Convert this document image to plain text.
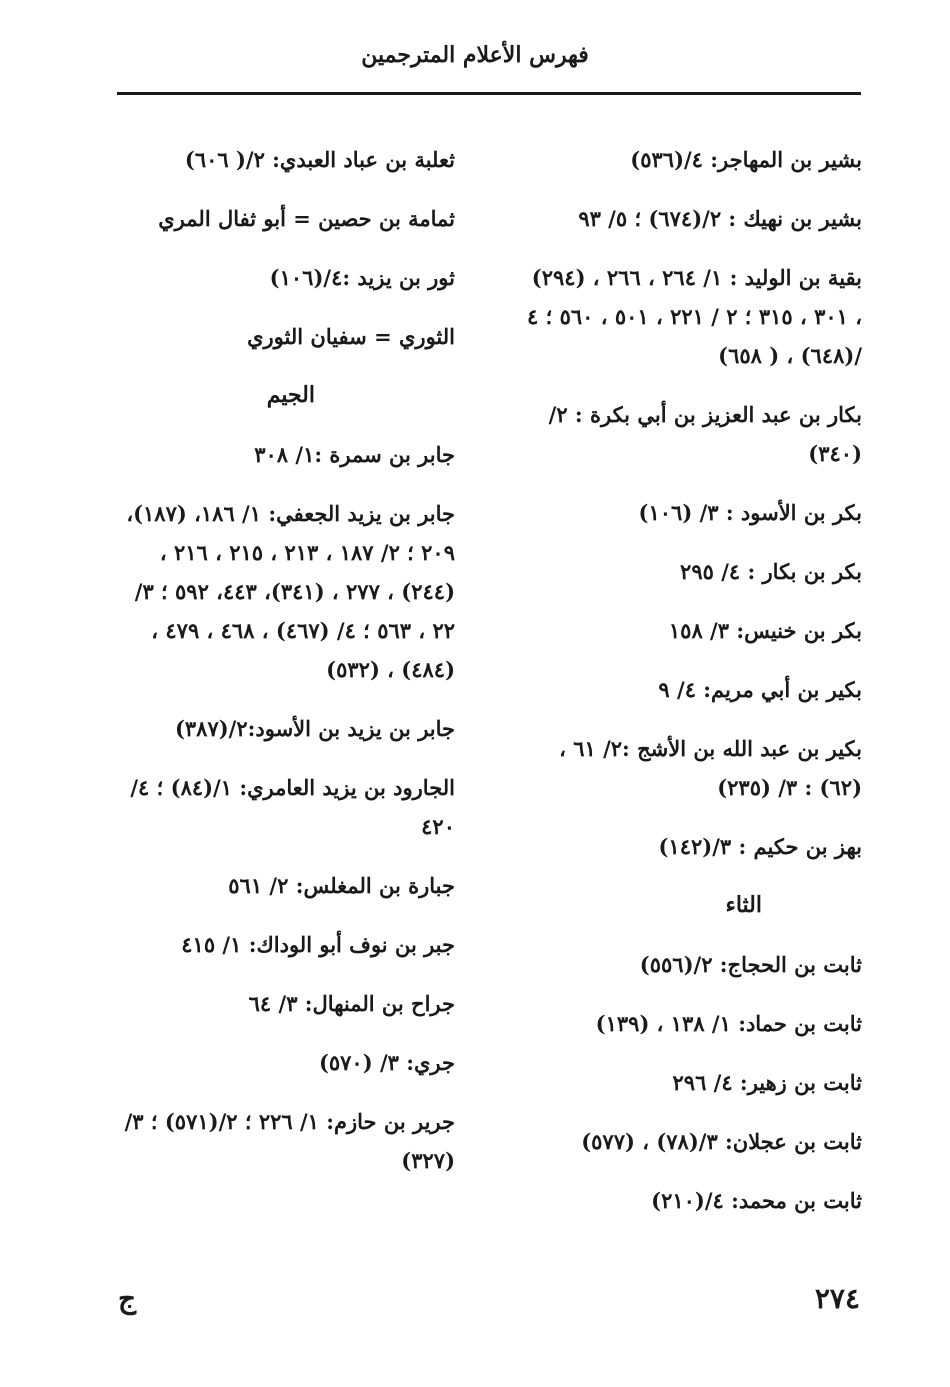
فهرس الأعلام المترجمين
بشير بن المهاجر: ٤/(٥٣٦)
بشير بن نهيك : ٢/(٦٧٤) ؛ ٥/ ٩٣
بقية بن الوليد : ١/ ٢٦٤ ، ٢٦٦ ، (٢٩٤) ، ٣٠١ ، ٣١٥ ؛ ٢ / ٢٢١ ، ٥٠١ ، ٥٦٠ ؛ ٤ /(٦٤٨) ، ( ٦٥٨)
بكار بن عبد العزيز بن أبي بكرة : ٢/ (٣٤٠)
بكر بن الأسود : ٣/ (١٠٦)
بكر بن بكار : ٤/ ٢٩٥
بكر بن خنيس: ٣/ ١٥٨
بكير بن أبي مريم: ٤/ ٩
بكير بن عبد الله بن الأشج :٢/ ٦١ ، (٦٢) : ٣/ (٢٣٥)
بهز بن حكيم : ٣/(١٤٢)
الثاء
ثابت بن الحجاج: ٢/(٥٥٦)
ثابت بن حماد: ١/ ١٣٨ ، (١٣٩)
ثابت بن زهير: ٤/ ٢٩٦
ثابت بن عجلان: ٣/(٧٨) ، (٥٧٧)
ثابت بن محمد: ٤/(٢١٠)
ثعلبة بن عباد العبدي: ٢/( ٦٠٦)
ثمامة بن حصين = أبو ثفال المري
ثور بن يزيد :٤/(١٠٦)
الثوري = سفيان الثوري
الجيم
جابر بن سمرة :١/ ٣٠٨
جابر بن يزيد الجعفي: ١/ ١٨٦، (١٨٧)، ٢٠٩ ؛ ٢/ ١٨٧ ، ٢١٣ ، ٢١٥ ، ٢١٦ ، (٢٤٤) ، ٢٧٧ ، (٣٤١)، ٤٤٣، ٥٩٢ ؛ ٣/ ٢٢ ، ٥٦٣ ؛ ٤/ (٤٦٧) ، ٤٦٨ ، ٤٧٩ ، (٤٨٤) ، (٥٣٢)
جابر بن يزيد بن الأسود:٢/(٣٨٧)
الجارود بن يزيد العامري: ١/(٨٤) ؛ ٤/ ٤٢٠
جبارة بن المغلس: ٢/ ٥٦١
جبر بن نوف أبو الوداك: ١/ ٤١٥
جراح بن المنهال: ٣/ ٦٤
جري: ٣/ (٥٧٠)
جرير بن حازم: ١/ ٢٢٦ ؛ ٢/(٥٧١) ؛ ٣/ (٣٢٧)
٢٧٤
ج
